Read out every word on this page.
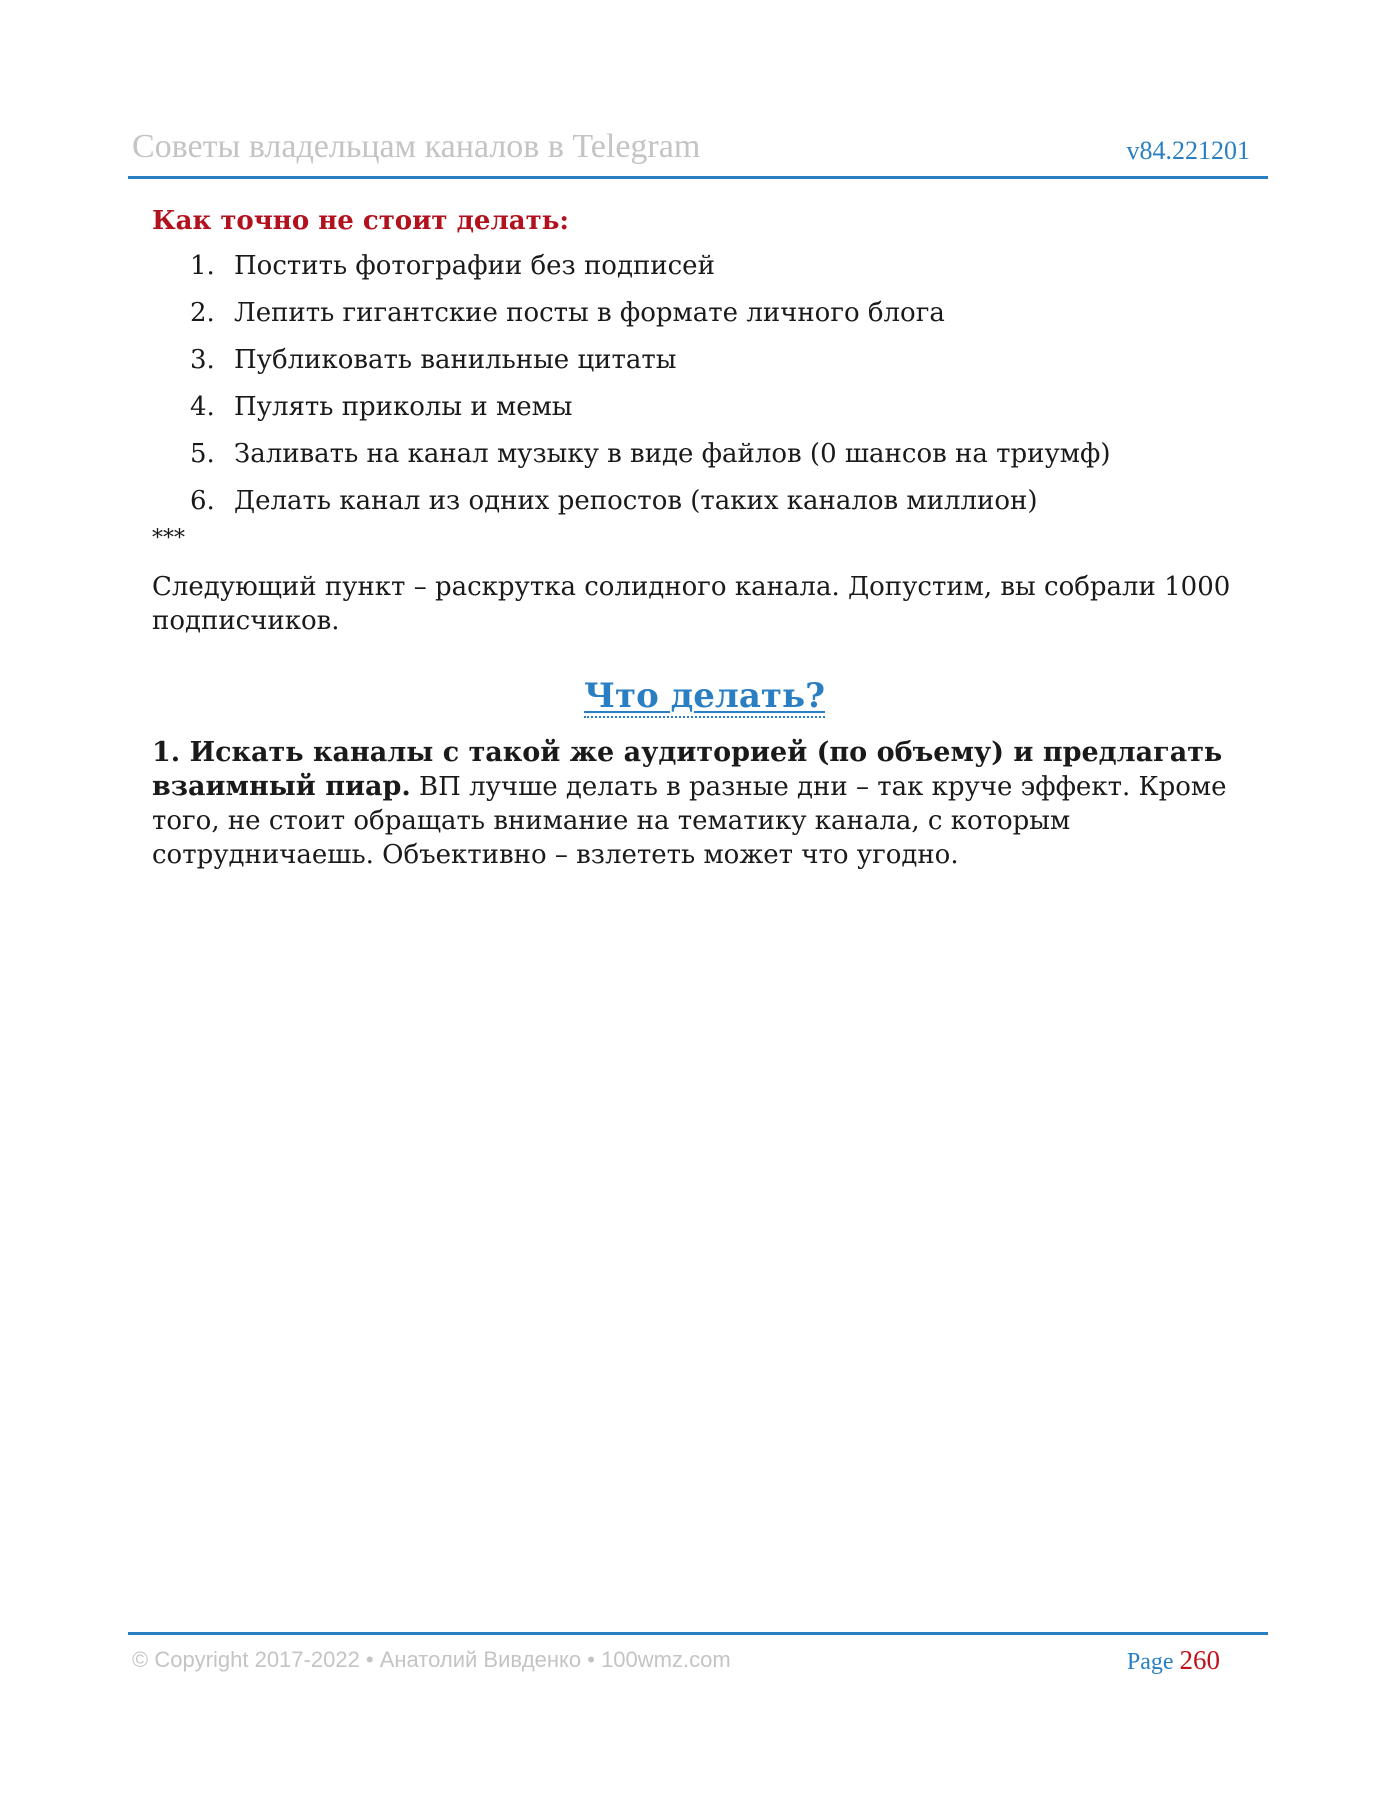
Советы владельцам каналов в Telegram	v84.221201
Как точно не стоит делать:
1. Постить фотографии без подписей
2. Лепить гигантские посты в формате личного блога
3. Публиковать ванильные цитаты
4. Пулять приколы и мемы
5. Заливать на канал музыку в виде файлов (0 шансов на триумф)
6. Делать канал из одних репостов (таких каналов миллион)
***

Следующий пункт – раскрутка солидного канала. Допустим, вы собрали 1000 подписчиков.

Что делать?

1. Искать каналы с такой же аудиторией (по объему) и предлагать взаимный пиар. ВП лучше делать в разные дни – так круче эффект. Кроме того, не стоит обращать внимание на тематику канала, с которым сотрудничаешь. Объективно – взлететь может что угодно.

© Copyright 2017-2022 • Анатолий Вивденко • 100wmz.com	Page 260
